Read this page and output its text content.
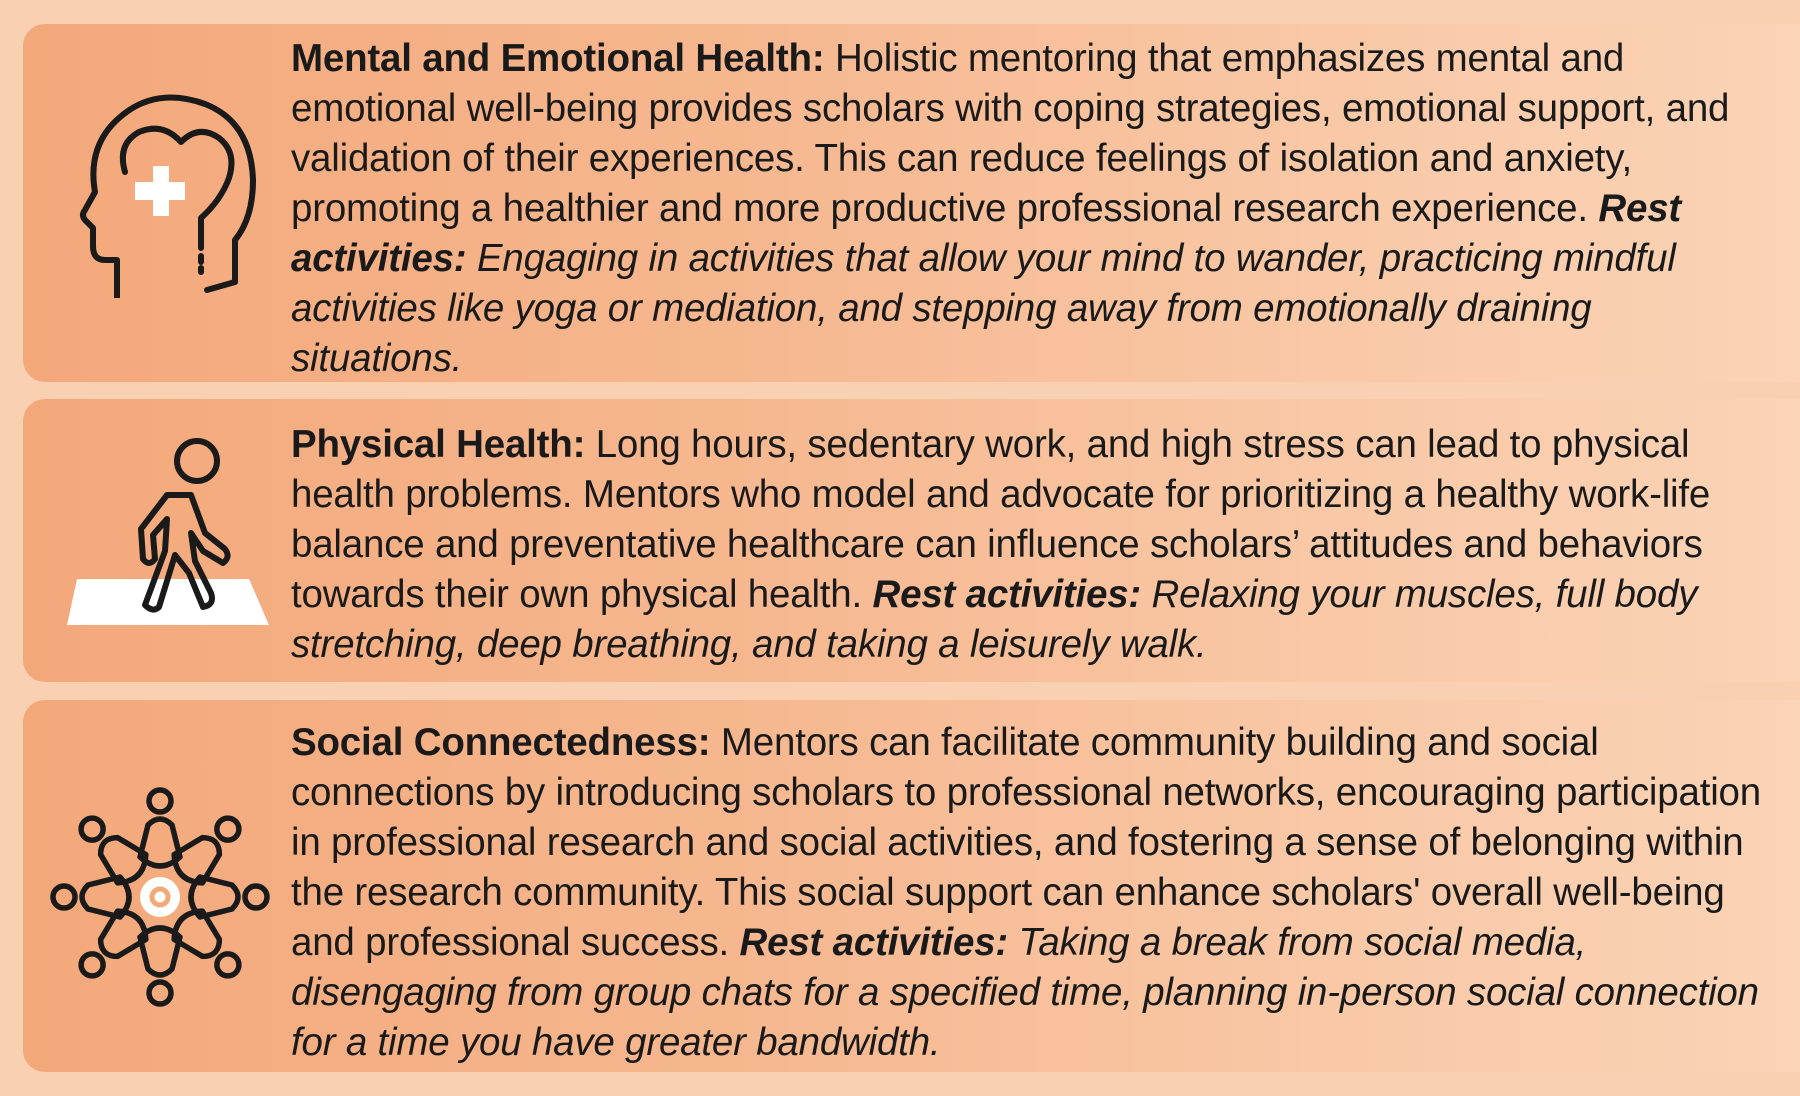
Mental and Emotional Health: Holistic mentoring that emphasizes mental and emotional well-being provides scholars with coping strategies, emotional support, and validation of their experiences. This can reduce feelings of isolation and anxiety, promoting a healthier and more productive professional research experience. Rest activities: Engaging in activities that allow your mind to wander, practicing mindful activities like yoga or mediation, and stepping away from emotionally draining situations.
Physical Health: Long hours, sedentary work, and high stress can lead to physical health problems. Mentors who model and advocate for prioritizing a healthy work-life balance and preventative healthcare can influence scholars’ attitudes and behaviors towards their own physical health. Rest activities: Relaxing your muscles, full body stretching, deep breathing, and taking a leisurely walk.
Social Connectedness: Mentors can facilitate community building and social connections by introducing scholars to professional networks, encouraging participation in professional research and social activities, and fostering a sense of belonging within the research community. This social support can enhance scholars' overall well-being and professional success. Rest activities: Taking a break from social media, disengaging from group chats for a specified time, planning in-person social connection for a time you have greater bandwidth.
